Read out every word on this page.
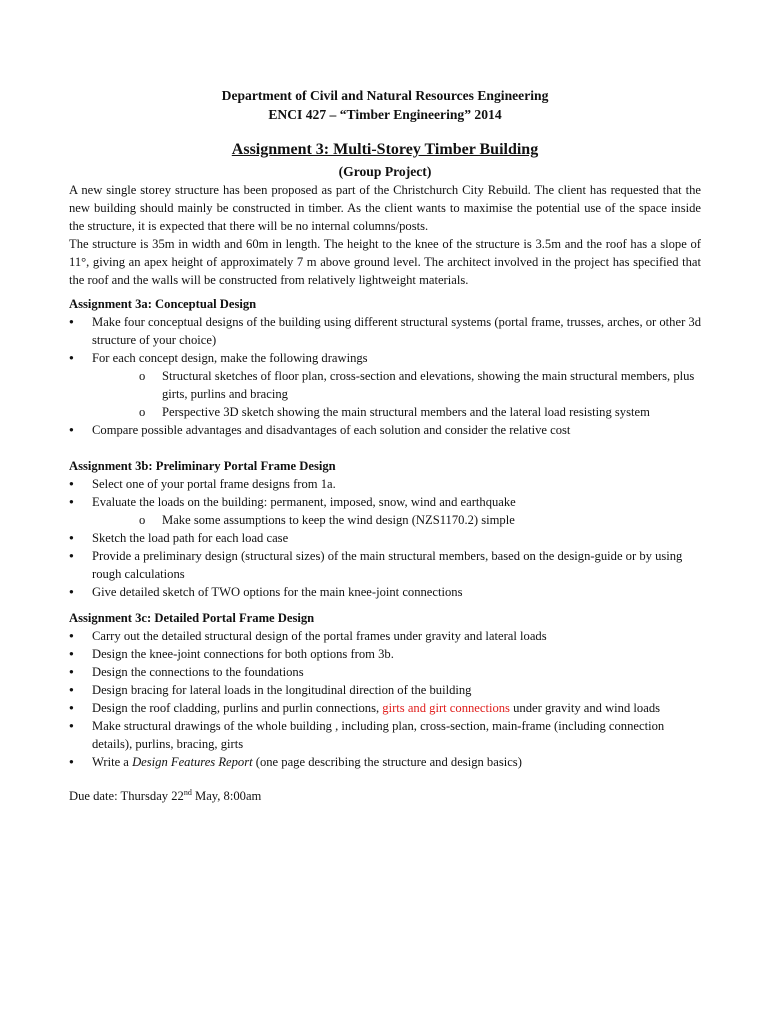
Department of Civil and Natural Resources Engineering
ENCI 427 – “Timber Engineering” 2014
Assignment 3: Multi-Storey Timber Building
(Group Project)

A new single storey structure has been proposed as part of the Christchurch City Rebuild. The client has requested that the new building should mainly be constructed in timber. As the client wants to maximise the potential use of the space inside the structure, it is expected that there will be no internal columns/posts.

The structure is 35m in width and 60m in length. The height to the knee of the structure is 3.5m and the roof has a slope of 11°, giving an apex height of approximately 7 m above ground level. The architect involved in the project has specified that the roof and the walls will be constructed from relatively lightweight materials.

Assignment 3a: Conceptual Design
● Make four conceptual designs of the building using different structural systems (portal frame, trusses, arches, or other 3d structure of your choice)
● For each concept design, make the following drawings
o Structural sketches of floor plan, cross-section and elevations, showing the main structural members, plus girts, purlins and bracing
o Perspective 3D sketch showing the main structural members and the lateral load resisting system
● Compare possible advantages and disadvantages of each solution and consider the relative cost
Assignment 3b: Preliminary Portal Frame Design
● Select one of your portal frame designs from 1a.
● Evaluate the loads on the building: permanent, imposed, snow, wind and earthquake
o Make some assumptions to keep the wind design (NZS1170.2) simple
● Sketch the load path for each load case
● Provide a preliminary design (structural sizes) of the main structural members, based on the design-guide or by using rough calculations
● Give detailed sketch of TWO options for the main knee-joint connections
Assignment 3c: Detailed Portal Frame Design
● Carry out the detailed structural design of the portal frames under gravity and lateral loads
● Design the knee-joint connections for both options from 3b.
● Design the connections to the foundations
● Design bracing for lateral loads in the longitudinal direction of the building
● Design the roof cladding, purlins and purlin connections, girts and girt connections under gravity and wind loads
● Make structural drawings of the whole building , including plan, cross-section, main-frame (including connection details), purlins, bracing, girts
● Write a Design Features Report (one page describing the structure and design basics)
Due date: Thursday 22nd May, 8:00am
